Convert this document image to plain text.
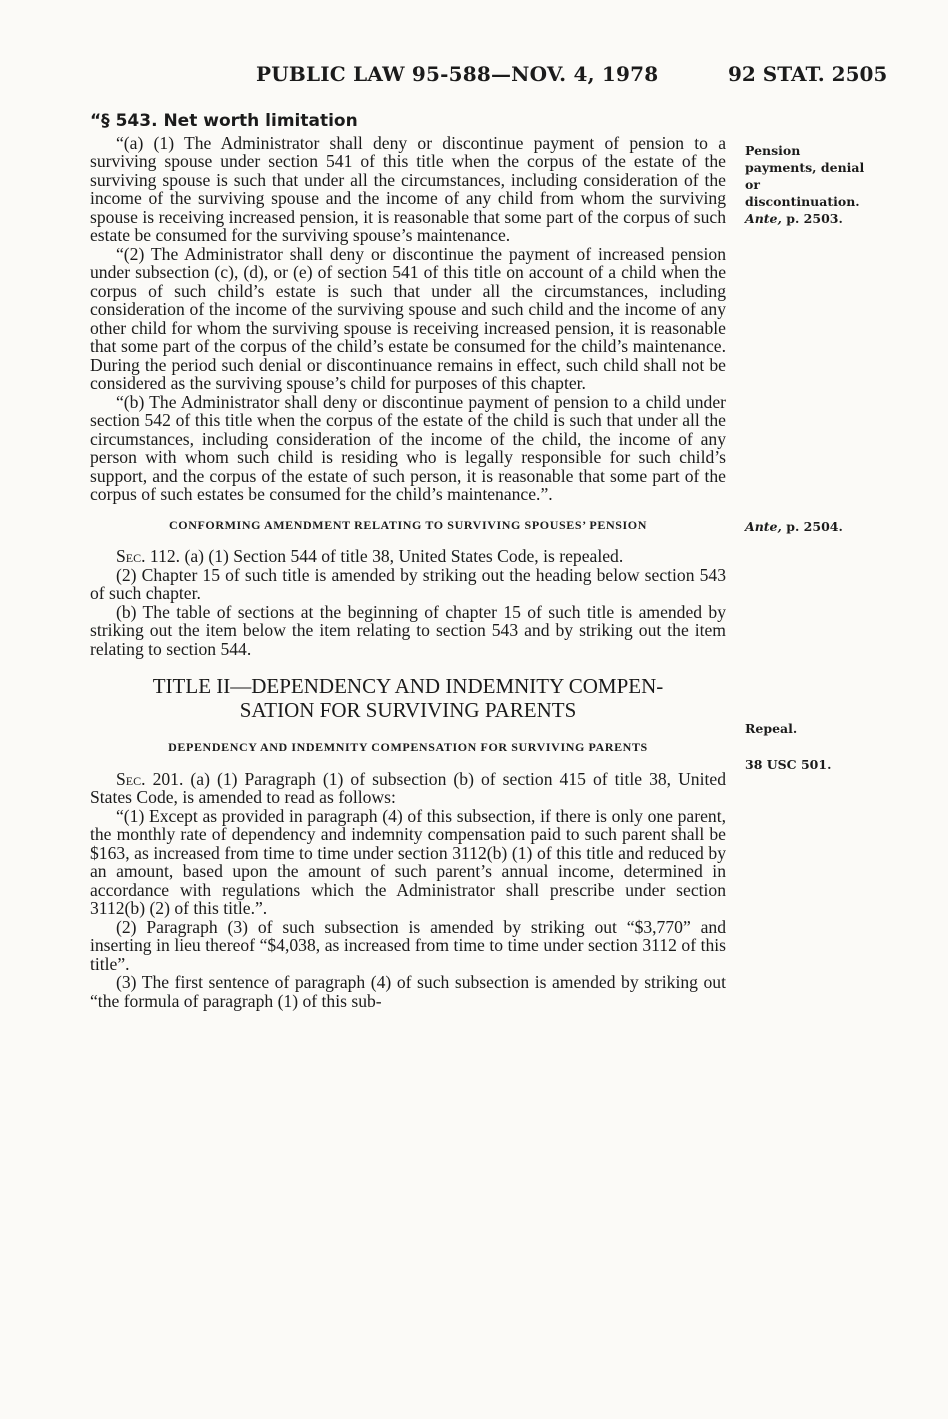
PUBLIC LAW 95-588—NOV. 4, 1978	92 STAT. 2505

“§ 543. Net worth limitation

“(a) (1) The Administrator shall deny or discontinue payment of pension to a surviving spouse under section 541 of this title when the corpus of the estate of the surviving spouse is such that under all the circumstances, including consideration of the income of the surviving spouse and the income of any child from whom the surviving spouse is receiving increased pension, it is reasonable that some part of the corpus of such estate be consumed for the surviving spouse’s maintenance.

“(2) The Administrator shall deny or discontinue the payment of increased pension under subsection (c), (d), or (e) of section 541 of this title on account of a child when the corpus of such child’s estate is such that under all the circumstances, including consideration of the income of the surviving spouse and such child and the income of any other child for whom the surviving spouse is receiving increased pension, it is reasonable that some part of the corpus of the child’s estate be consumed for the child’s maintenance. During the period such denial or discontinuance remains in effect, such child shall not be considered as the surviving spouse’s child for purposes of this chapter.

“(b) The Administrator shall deny or discontinue payment of pension to a child under section 542 of this title when the corpus of the estate of the child is such that under all the circumstances, including consideration of the income of the child, the income of any person with whom such child is residing who is legally responsible for such child’s support, and the corpus of the estate of such person, it is reasonable that some part of the corpus of such estates be consumed for the child’s maintenance.”.

CONFORMING AMENDMENT RELATING TO SURVIVING SPOUSES’ PENSION

Sec. 112. (a) (1) Section 544 of title 38, United States Code, is repealed.

(2) Chapter 15 of such title is amended by striking out the heading below section 543 of such chapter.

(b) The table of sections at the beginning of chapter 15 of such title is amended by striking out the item below the item relating to section 543 and by striking out the item relating to section 544.

TITLE II—DEPENDENCY AND INDEMNITY COMPEN-
SATION FOR SURVIVING PARENTS

DEPENDENCY AND INDEMNITY COMPENSATION FOR SURVIVING PARENTS

Sec. 201. (a) (1) Paragraph (1) of subsection (b) of section 415 of title 38, United States Code, is amended to read as follows:

“(1) Except as provided in paragraph (4) of this subsection, if there is only one parent, the monthly rate of dependency and indemnity compensation paid to such parent shall be $163, as increased from time to time under section 3112(b) (1) of this title and reduced by an amount, based upon the amount of such parent’s annual income, determined in accordance with regulations which the Administrator shall prescribe under section 3112(b) (2) of this title.”.

(2) Paragraph (3) of such subsection is amended by striking out “$3,770” and inserting in lieu thereof “$4,038, as increased from time to time under section 3112 of this title”.

(3) The first sentence of paragraph (4) of such subsection is amended by striking out “the formula of paragraph (1) of this sub-

Pension
payments, denial
or
discontinuation.
Ante, p. 2503.
Ante, p. 2504.
Repeal.
38 USC 501.
